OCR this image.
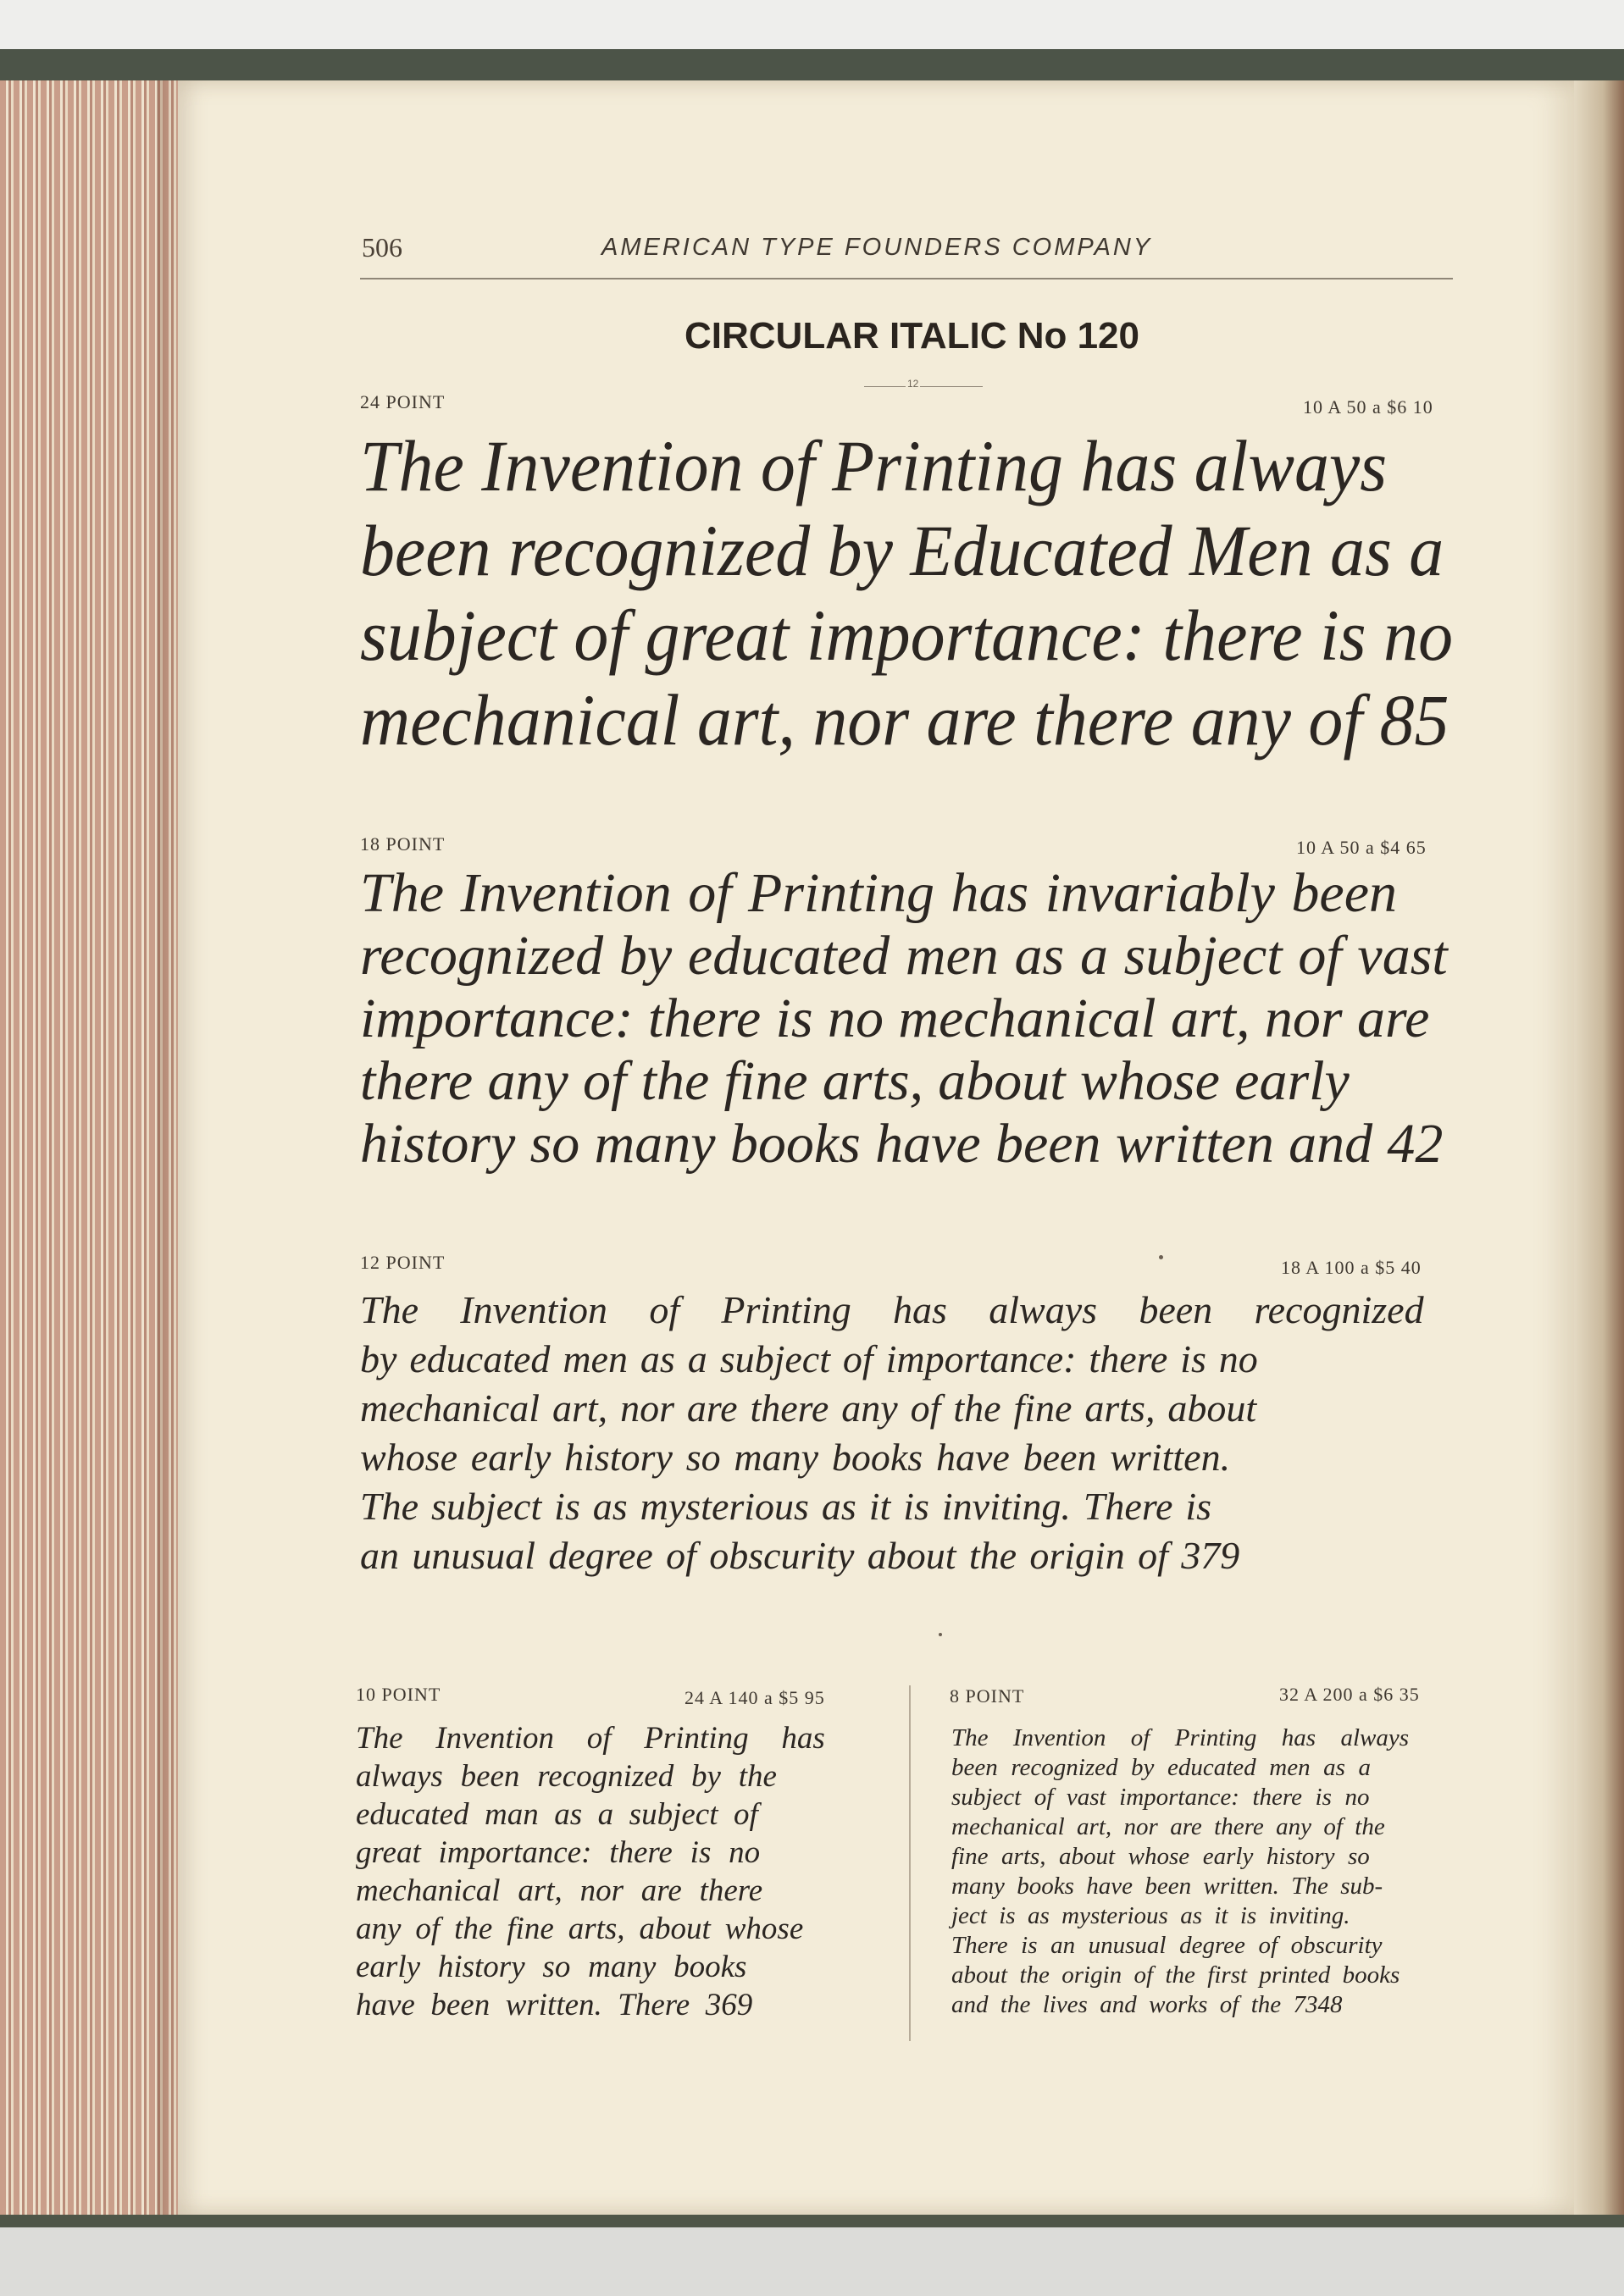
506	AMERICAN TYPE FOUNDERS COMPANY
CIRCULAR ITALIC No 120
12
24 POINT	10 A 50 a $6 10
The Invention of Printing has always
been recognized by Educated Men as a
subject of great importance: there is no
mechanical art, nor are there any of 85
18 POINT	10 A 50 a $4 65
The Invention of Printing has invariably been
recognized by educated men as a subject of vast
importance: there is no mechanical art, nor are
there any of the fine arts, about whose early
history so many books have been written and 42
12 POINT	18 A 100 a $5 40
The Invention of Printing has always been recognized
by educated men as a subject of importance: there is no
mechanical art, nor are there any of the fine arts, about
whose early history so many books have been written.
The subject is as mysterious as it is inviting. There is
an unusual degree of obscurity about the origin of 379
10 POINT	24 A 140 a $5 95
The Invention of Printing has
always been recognized by the
educated man as a subject of
great importance: there is no
mechanical art, nor are there
any of the fine arts, about whose
early history so many books
have been written. There 369
8 POINT	32 A 200 a $6 35
The Invention of Printing has always
been recognized by educated men as a
subject of vast importance: there is no
mechanical art, nor are there any of the
fine arts, about whose early history so
many books have been written. The sub-
ject is as mysterious as it is inviting.
There is an unusual degree of obscurity
about the origin of the first printed books
and the lives and works of the 7348
